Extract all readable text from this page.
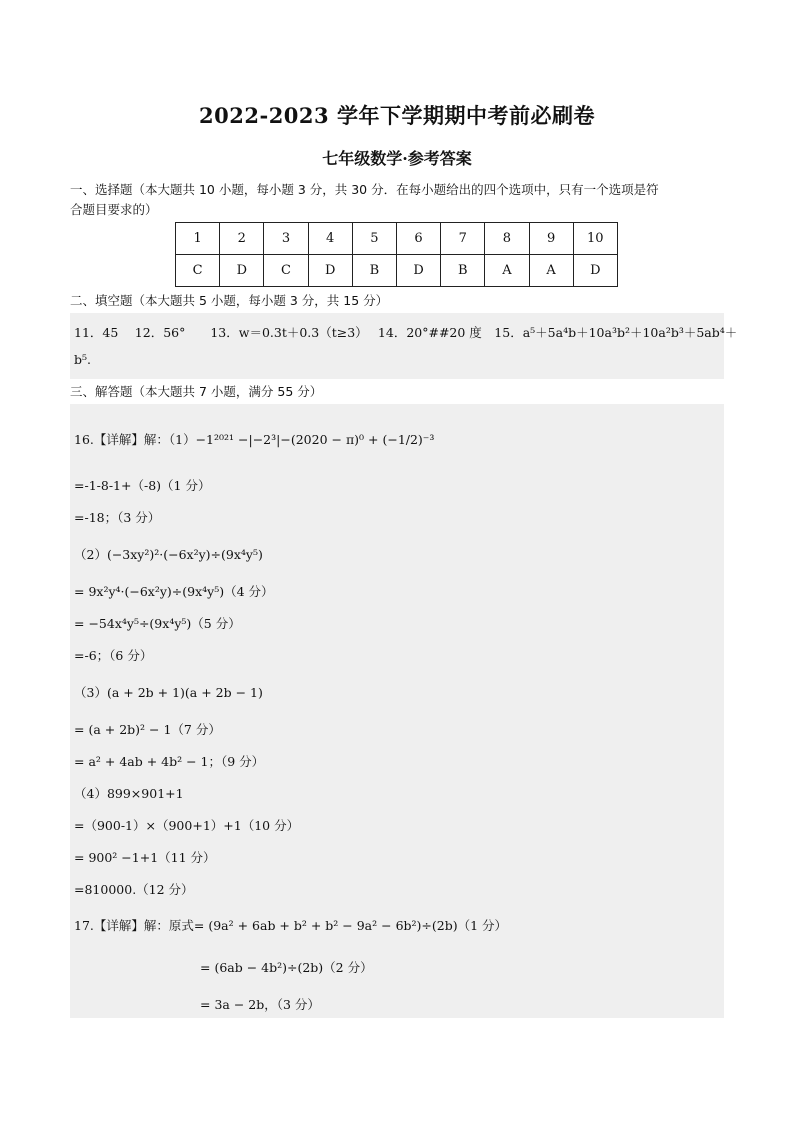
2022-2023 学年下学期期中考前必刷卷
七年级数学·参考答案
一、选择题（本大题共 10 小题，每小题 3 分，共 30 分．在每小题给出的四个选项中，只有一个选项是符
合题目要求的）
1	2	3	4	5	6	7	8	9	10
C	D	C	D	B	D	B	A	A	D
二、填空题（本大题共 5 小题，每小题 3 分，共 15 分）
11．45　 12．56°　　13．w＝0.3t＋0.3（t≥3）　 14．20°##20 度　15．a⁵＋5a⁴b＋10a³b²＋10a²b³＋5ab⁴＋
b⁵.
三、解答题（本大题共 7 小题，满分 55 分）
16.【详解】解：（1）−1²⁰²¹ −|−2³|−(2020 − π)⁰ + (−1/2)⁻³
=-1-8-1+（-8)（1 分）
=-18；（3 分）
（2）(−3xy²)²·(−6x²y)÷(9x⁴y⁵)
= 9x²y⁴·(−6x²y)÷(9x⁴y⁵)（4 分）
= −54x⁴y⁵÷(9x⁴y⁵)（5 分）
=-6；（6 分）
（3）(a + 2b + 1)(a + 2b − 1)
= (a + 2b)² − 1（7 分）
= a² + 4ab + 4b² − 1；（9 分）
（4）899×901+1
=（900-1）×（900+1）+1（10 分）
= 900² −1+1（11 分）
=810000.（12 分）
17.【详解】解：原式= (9a² + 6ab + b² + b² − 9a² − 6b²)÷(2b)（1 分）
= (6ab − 4b²)÷(2b)（2 分）
= 3a − 2b，（3 分）
